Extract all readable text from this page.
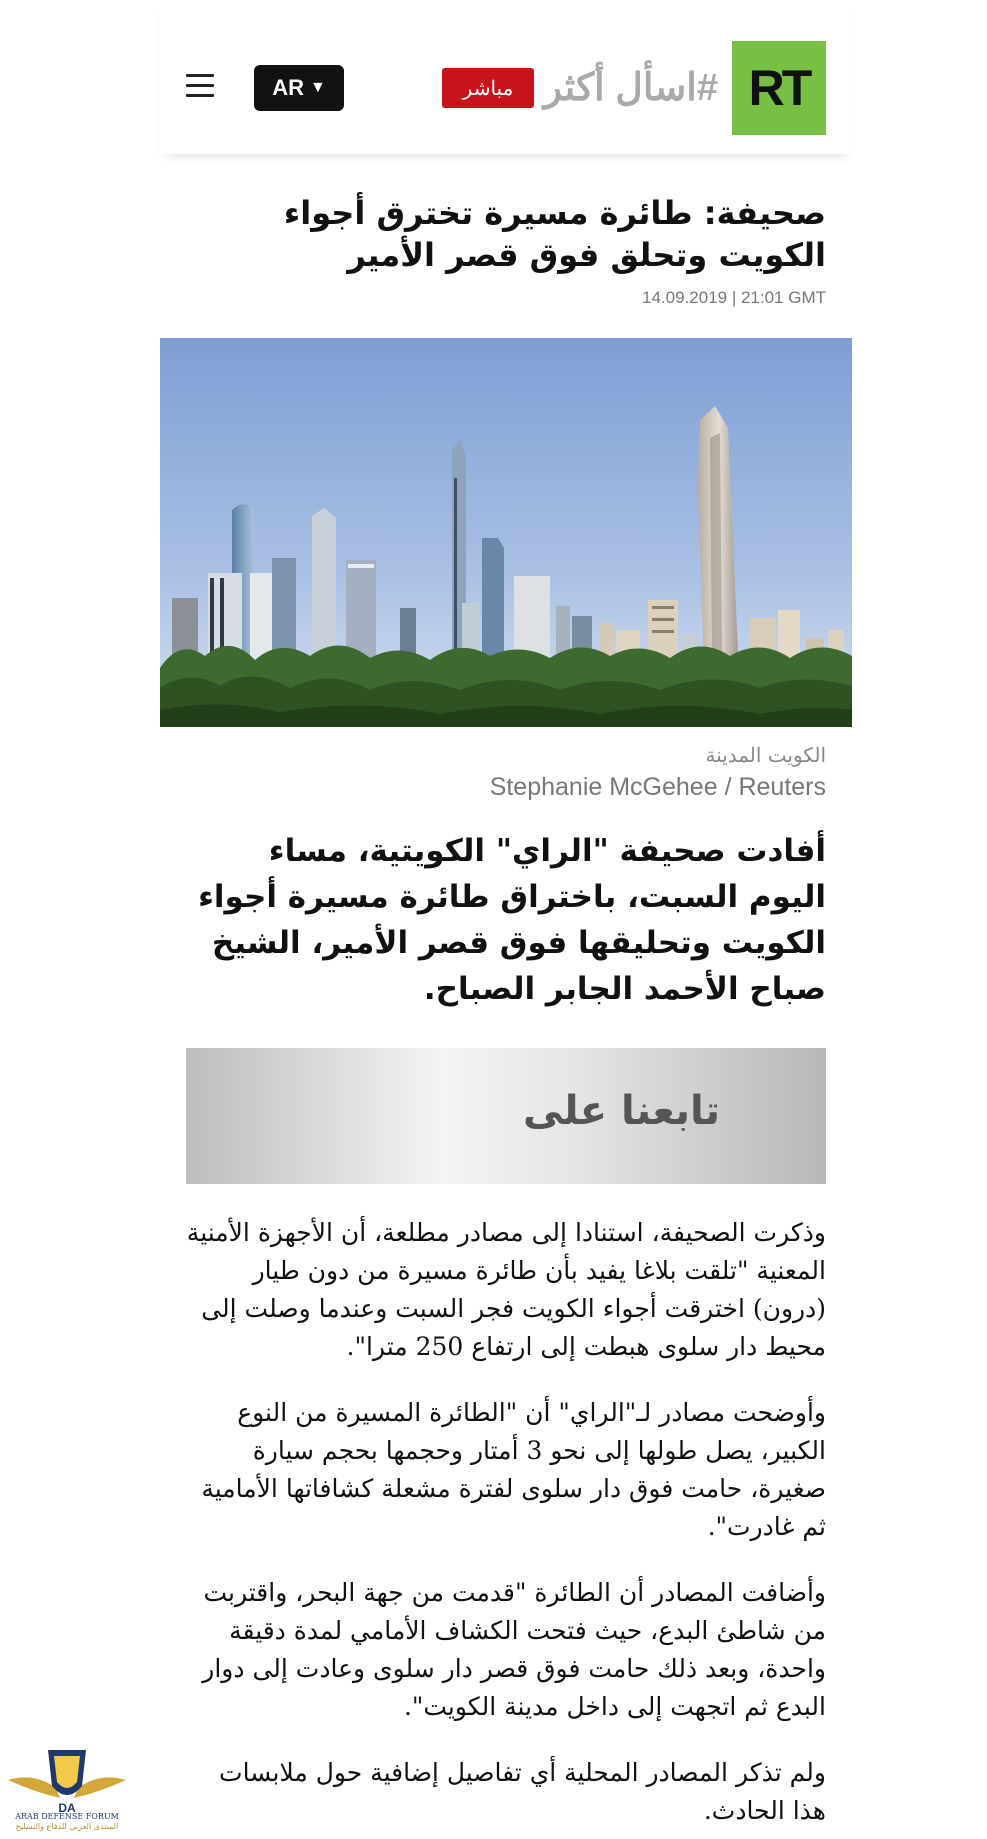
AR ▼	مباشر #اسأل أكثر RT
صحيفة: طائرة مسيرة تخترق أجواء الكويت وتحلق فوق قصر الأمير
14.09.2019 | 21:01 GMT
الكويت المدينة
Stephanie McGehee / Reuters

أفادت صحيفة "الراي" الكويتية، مساء اليوم السبت، باختراق طائرة مسيرة أجواء الكويت وتحليقها فوق قصر الأمير، الشيخ صباح الأحمد الجابر الصباح.

تابعنا على

وذكرت الصحيفة، استنادا إلى مصادر مطلعة، أن الأجهزة الأمنية المعنية "تلقت بلاغا يفيد بأن طائرة مسيرة من دون طيار (درون) اخترقت أجواء الكويت فجر السبت وعندما وصلت إلى محيط دار سلوى هبطت إلى ارتفاع 250 مترا".

وأوضحت مصادر لـ"الراي" أن "الطائرة المسيرة من النوع الكبير، يصل طولها إلى نحو 3 أمتار وحجمها بحجم سيارة صغيرة، حامت فوق دار سلوى لفترة مشعلة كشافاتها الأمامية ثم غادرت".

وأضافت المصادر أن الطائرة "قدمت من جهة البحر، واقتربت من شاطئ البدع، حيث فتحت الكشاف الأمامي لمدة دقيقة واحدة، وبعد ذلك حامت فوق قصر دار سلوى وعادت إلى دوار البدع ثم اتجهت إلى داخل مدينة الكويت".

ولم تذكر المصادر المحلية أي تفاصيل إضافية حول ملابسات هذا الحادث.

DA
ARAB DEFENSE FORUM
المنتدى العربي للدفاع والتسليح
